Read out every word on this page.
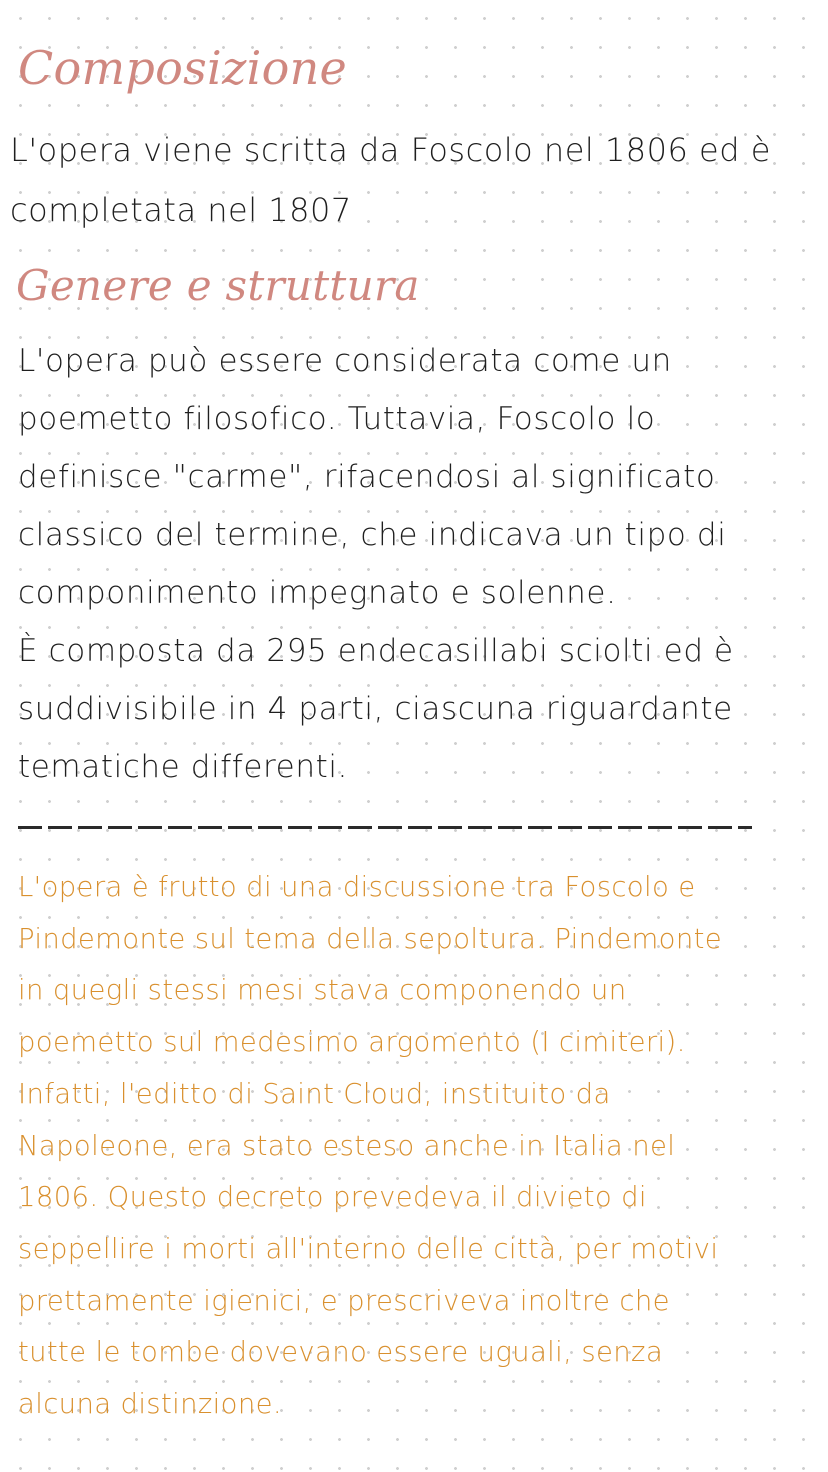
Composizione

L'opera viene scritta da Foscolo nel 1806 ed è
completata nel 1807

Genere e struttura

L'opera può essere considerata come un
poemetto filosofico. Tuttavia, Foscolo lo
definisce "carme", rifacendosi al significato
classico del termine, che indicava un tipo di
componimento impegnato e solenne.
È composta da 295 endecasillabi sciolti ed è
suddivisibile in 4 parti, ciascuna riguardante
tematiche differenti.

L'opera è frutto di una discussione tra Foscolo e
Pindemonte sul tema della sepoltura. Pindemonte
in quegli stessi mesi stava componendo un
poemetto sul medesimo argomento (I cimiteri).
Infatti, l'editto di Saint Cloud, instituito da
Napoleone, era stato esteso anche in Italia nel
1806. Questo decreto prevedeva il divieto di
seppellire i morti all'interno delle città, per motivi
prettamente igienici, e prescriveva inoltre che
tutte le tombe dovevano essere uguali, senza
alcuna distinzione.
